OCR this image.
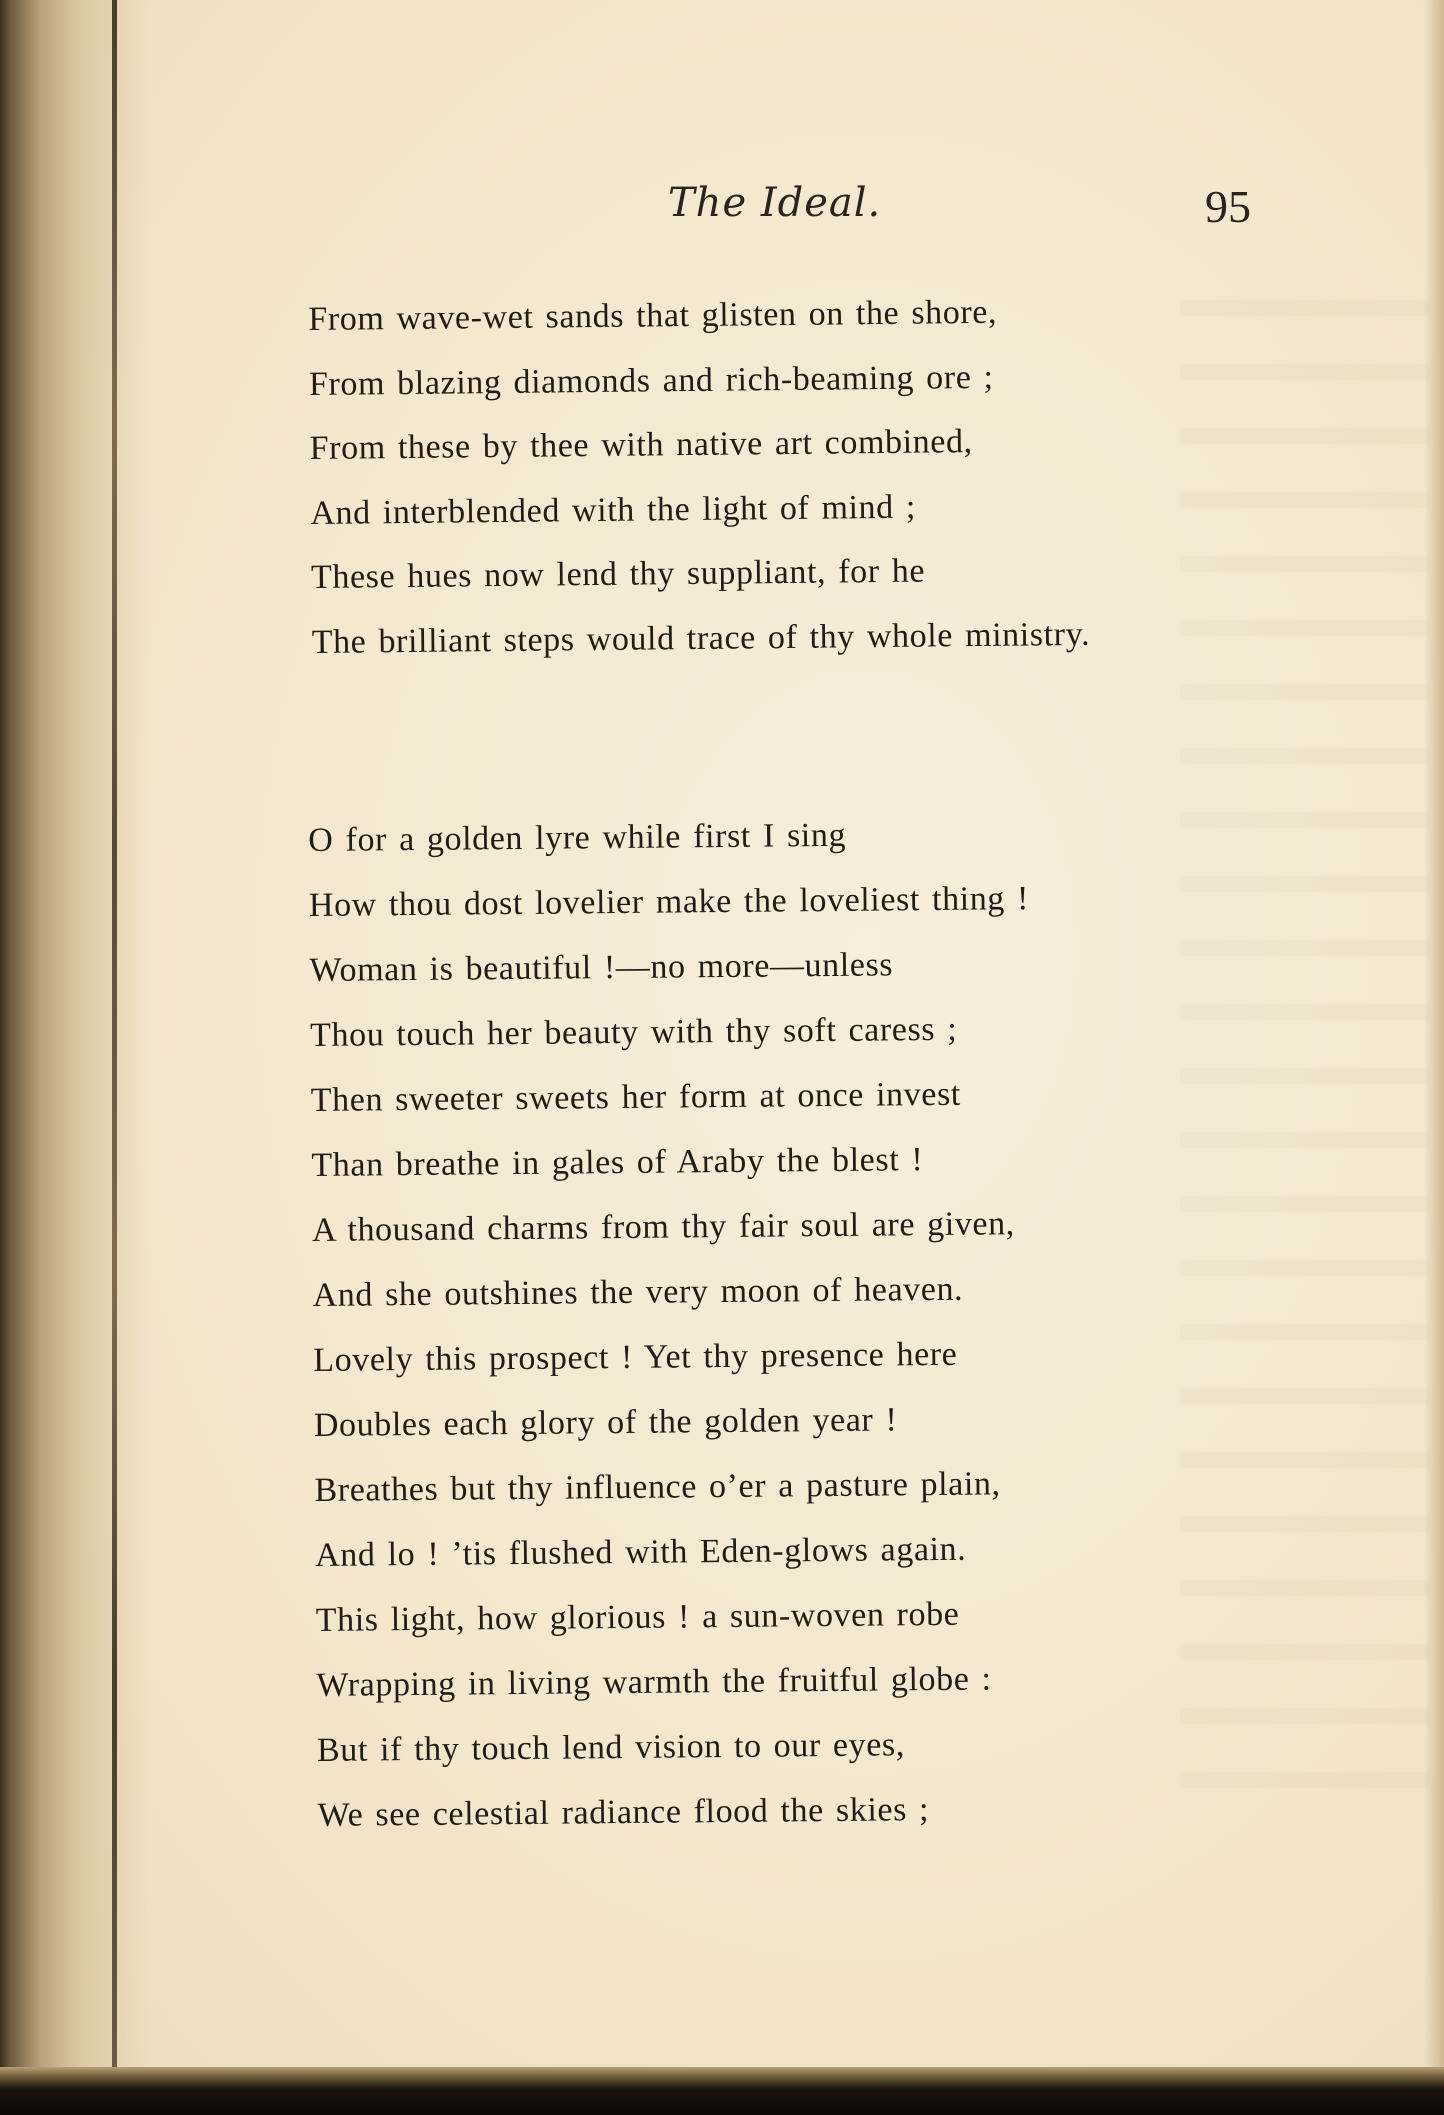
The Ideal.	95
From wave-wet sands that glisten on the shore,
From blazing diamonds and rich-beaming ore ;
From these by thee with native art combined,
And interblended with the light of mind ;
These hues now lend thy suppliant, for he
The brilliant steps would trace of thy whole ministry.
O for a golden lyre while first I sing
How thou dost lovelier make the loveliest thing !
Woman is beautiful !—no more—unless
Thou touch her beauty with thy soft caress ;
Then sweeter sweets her form at once invest
Than breathe in gales of Araby the blest !
A thousand charms from thy fair soul are given,
And she outshines the very moon of heaven.
Lovely this prospect ! Yet thy presence here
Doubles each glory of the golden year !
Breathes but thy influence o’er a pasture plain,
And lo ! ’tis flushed with Eden-glows again.
This light, how glorious ! a sun-woven robe
Wrapping in living warmth the fruitful globe :
But if thy touch lend vision to our eyes,
We see celestial radiance flood the skies ;
